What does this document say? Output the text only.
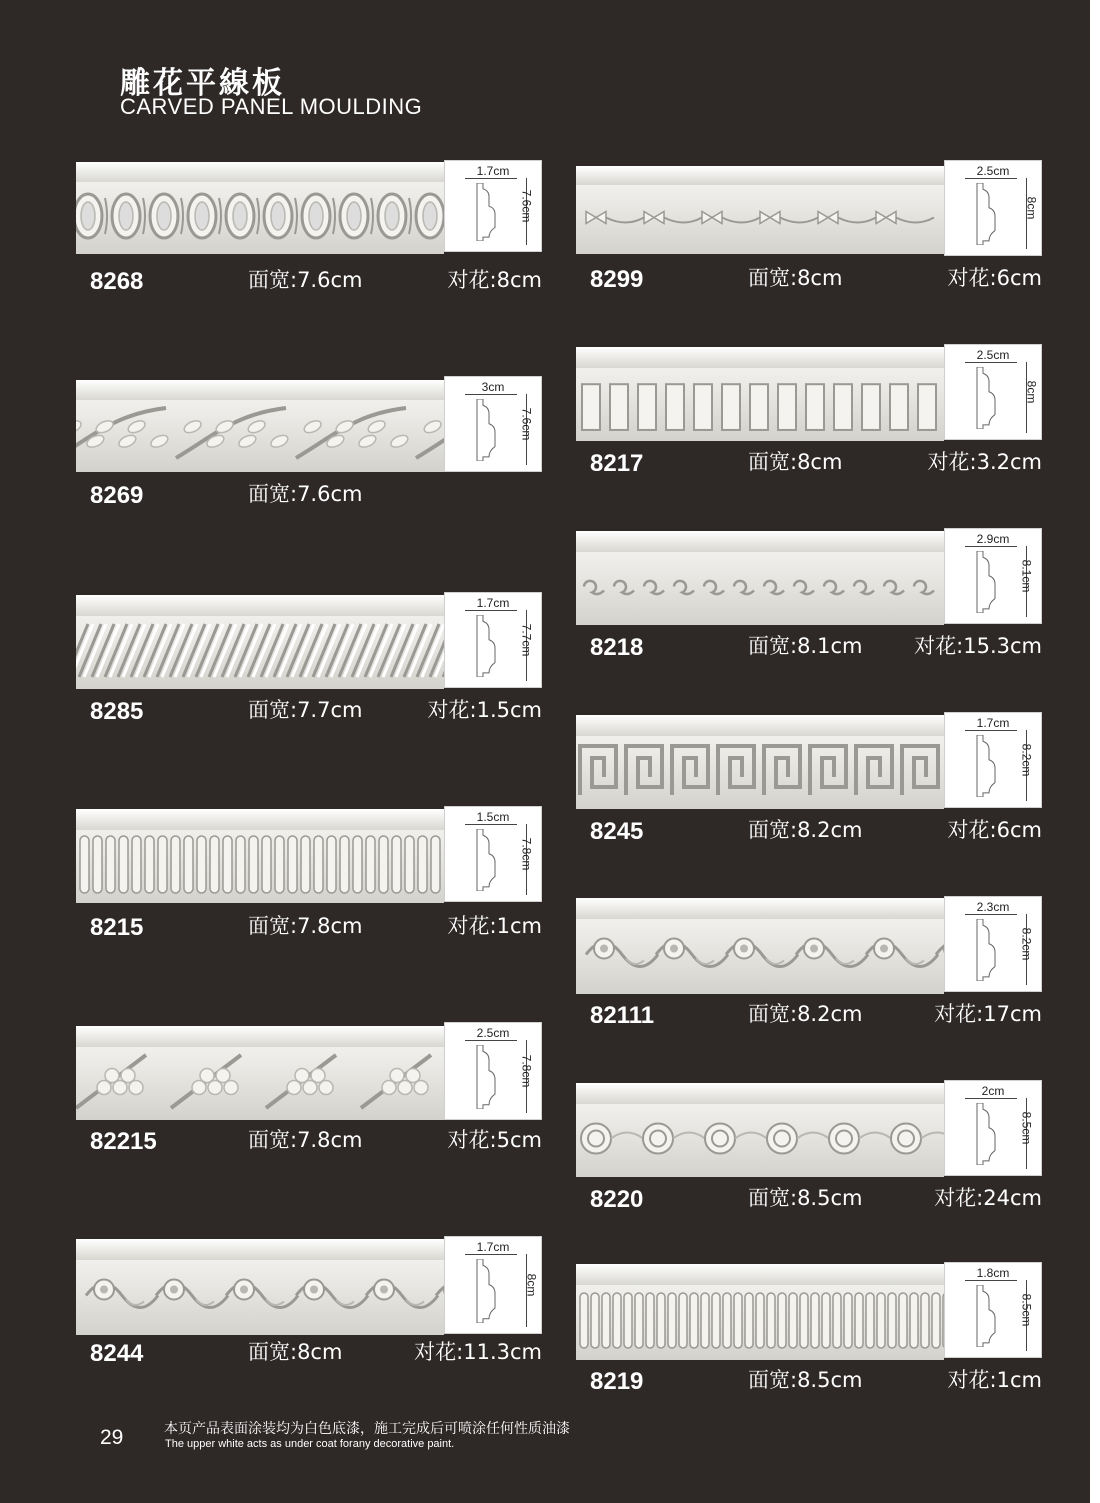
雕花平線板
CARVED PANEL MOULDING
1.7cm
7.6cm
8268	面宽:7.6cm	对花:8cm
3cm
7.6cm
8269	面宽:7.6cm
1.7cm
7.7cm
8285	面宽:7.7cm	对花:1.5cm
1.5cm
7.8cm
8215	面宽:7.8cm	对花:1cm
2.5cm
7.8cm
82215	面宽:7.8cm	对花:5cm
1.7cm
8cm
8244	面宽:8cm	对花:11.3cm
2.5cm
8cm
8299	面宽:8cm	对花:6cm
2.5cm
8cm
8217	面宽:8cm	对花:3.2cm
2.9cm
8.1cm
8218	面宽:8.1cm 对花:15.3cm
1.7cm
8.2cm
8245	面宽:8.2cm	对花:6cm
2.3cm
8.2cm
82111	面宽:8.2cm	对花:17cm
2cm
8.5cm
8220	面宽:8.5cm	对花:24cm
1.8cm
8.5cm
8219	面宽:8.5cm	对花:1cm
29	本页产品表面涂装均为白色底漆，施工完成后可喷涂任何性质油漆
The upper white acts as under coat forany decorative paint.
